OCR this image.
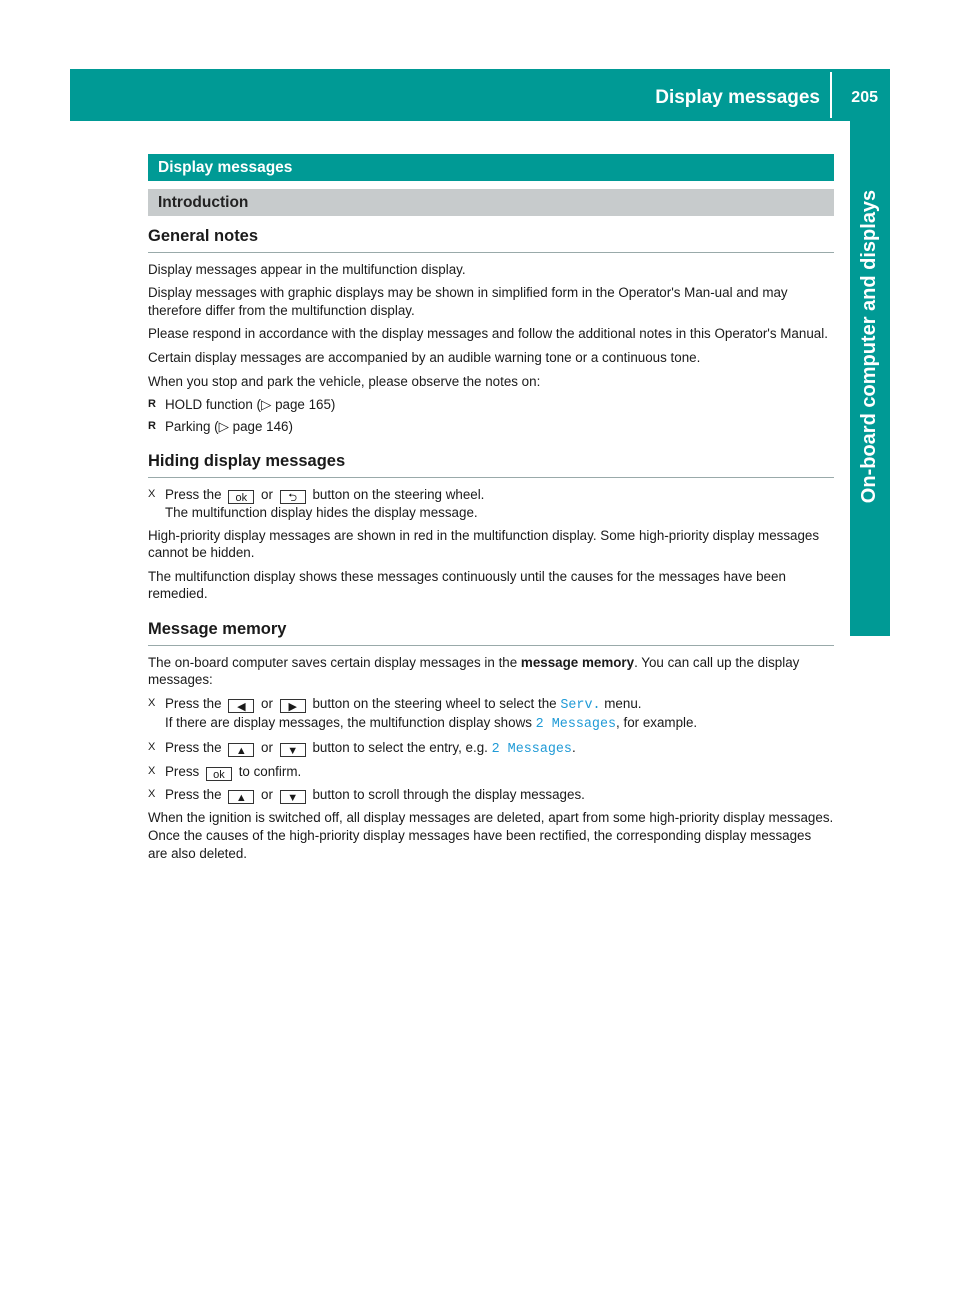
Display messages 205
On-board computer and displays
Display messages
Introduction
General notes

Display messages appear in the multifunction display.

Display messages with graphic displays may be shown in simplified form in the Operator's Man-ual and may therefore differ from the multifunction display.

Please respond in accordance with the display messages and follow the additional notes in this Operator's Manual.

Certain display messages are accompanied by an audible warning tone or a continuous tone.

When you stop and park the vehicle, please observe the notes on:

R HOLD function (▷ page 165)
R Parking (▷ page 146)
Hiding display messages
X Press the ok or ⮌ button on the steering wheel.
The multifunction display hides the display message.

High-priority display messages are shown in red in the multifunction display. Some high-priority display messages cannot be hidden.

The multifunction display shows these messages continuously until the causes for the messages have been remedied.

Message memory

The on-board computer saves certain display messages in the message memory. You can call up the display messages:

X Press the ◀ or ▶ button on the steering wheel to select the Serv. menu.
If there are display messages, the multifunction display shows 2 Messages, for example.
X Press the ▲ or ▼ button to select the entry, e.g. 2 Messages.
X Press ok to confirm.
X Press the ▲ or ▼ button to scroll through the display messages.

When the ignition is switched off, all display messages are deleted, apart from some high-priority display messages. Once the causes of the high-priority display messages have been rectified, the corresponding display messages are also deleted.
